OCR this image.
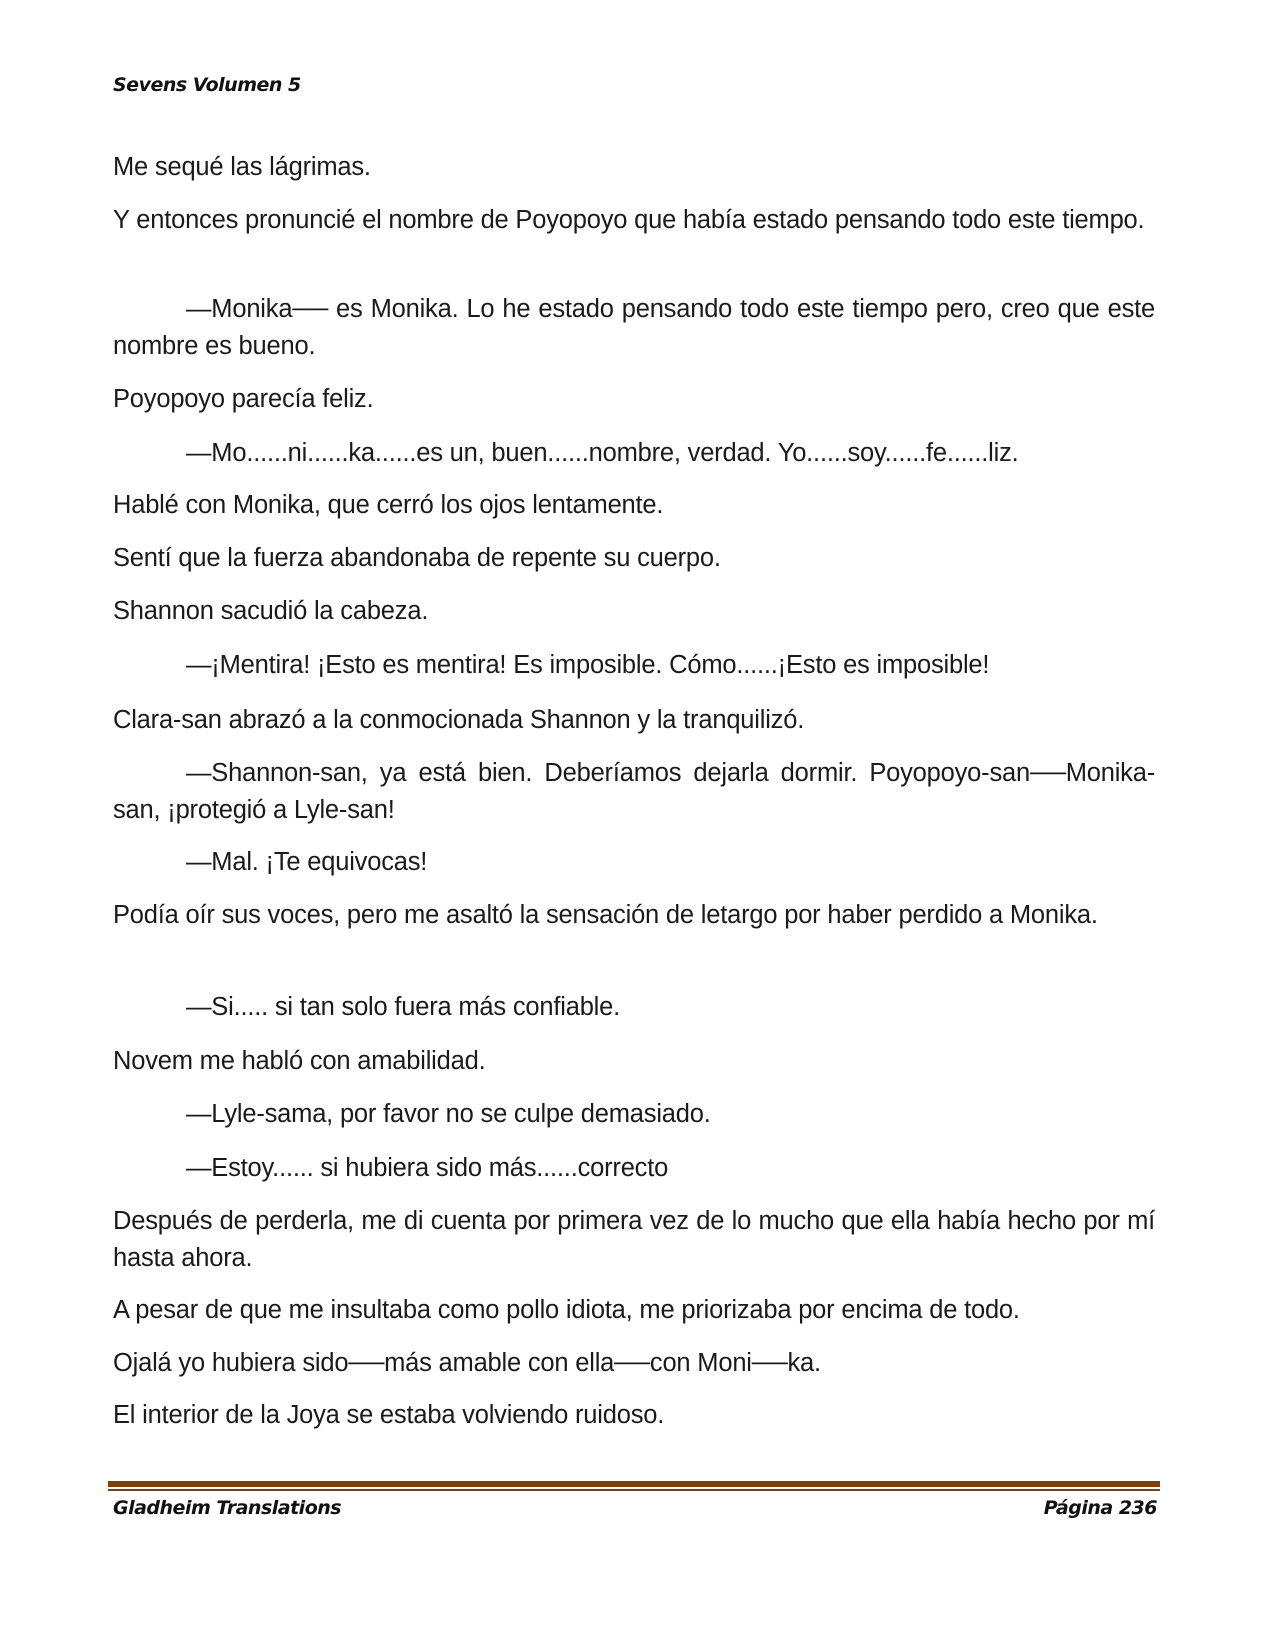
Sevens Volumen 5
Me sequé las lágrimas.
Y entonces pronuncié el nombre de Poyopoyo que había estado pensando todo este tiempo.
—Monika── es Monika. Lo he estado pensando todo este tiempo pero, creo que este nombre es bueno.
Poyopoyo parecía feliz.
—Mo......ni......ka......es un, buen......nombre, verdad. Yo......soy......fe......liz.
Hablé con Monika, que cerró los ojos lentamente.
Sentí que la fuerza abandonaba de repente su cuerpo.
Shannon sacudió la cabeza.
—¡Mentira! ¡Esto es mentira! Es imposible. Cómo......¡Esto es imposible!
Clara-san abrazó a la conmocionada Shannon y la tranquilizó.
—Shannon-san, ya está bien. Deberíamos dejarla dormir. Poyopoyo-san──Monika-san, ¡protegió a Lyle-san!
—Mal. ¡Te equivocas!
Podía oír sus voces, pero me asaltó la sensación de letargo por haber perdido a Monika.
—Si..... si tan solo fuera más confiable.
Novem me habló con amabilidad.
—Lyle-sama, por favor no se culpe demasiado.
—Estoy...... si hubiera sido más......correcto
Después de perderla, me di cuenta por primera vez de lo mucho que ella había hecho por mí hasta ahora.
A pesar de que me insultaba como pollo idiota, me priorizaba por encima de todo.
Ojalá yo hubiera sido──más amable con ella──con Moni──ka.
El interior de la Joya se estaba volviendo ruidoso.
Gladheim Translations	Página 236
